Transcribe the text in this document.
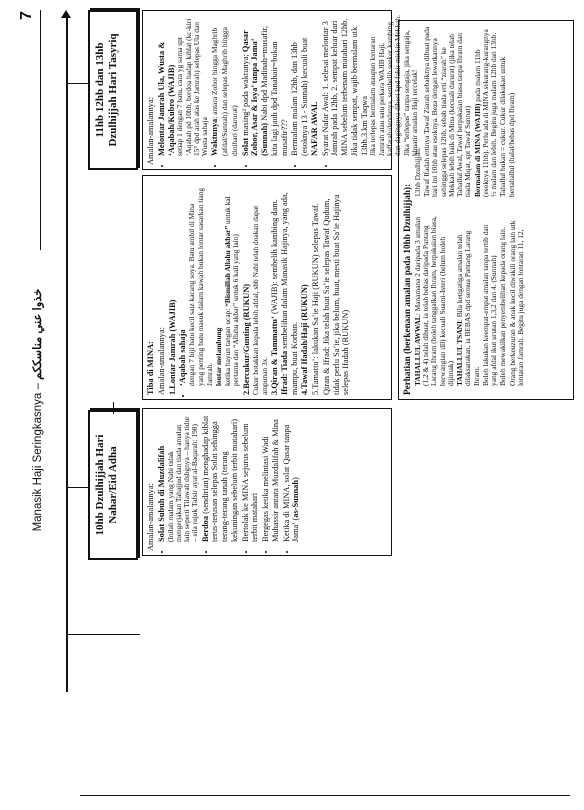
7
Manasik Haji Seringkasnya – خذوا عني مناسككم
10hb Dzulhijjah Hari Nahar/Eid Adha
11hb 12hb dan 13hb Dzulhijjah Hari Tasyriq

Amalan-amalannya: • Solat Subuh di Muzdalifah (Inilah malam yang Nabi tidak mengerjakan Tahajjud dan tiada amalan lain seperti Tilawah dsbgnya – hanya tidur – sila rujuk Tafsir ayat al-Baqarah: 198) • Berdoa (sendirian) menghadap kiblat terus-terusan selepas Solat sehingga terang-terang tanah (terang kekuningan sebelum terbit matahari) • Bertolak ke MINA sejurus sebelum terbit matahari • Bergegas ketika melintasi Wadi Muhassir antara Muzdalifah & Mina • Ketika di MINA, solat Qasar tanpa Jama’ (as-Sunnah)

Tiba di MINA: Amalan-amalannya: 1.Lontar Jamrah (WAJIB) • ‘Aqabah sahaja dengan 7 biji batu kecil saiz kacang soya. Batu ambil di Mina yang penting batu masuk dalam kawah bukan lontar sasarkan tiang Jamrah. lontar melambung ketika hayun tangan ucap: “Bismillah Allahu akbar” untuk kal pertama dan “Allahu akbar” untuk 6 kali yang lain) 2.Bercukur/Gunting (RUKUN) Cukur botakkan kepala lebih afdal, sbb Nabi telah doakan dapat ampunan 3x. 3.Qiran & Tammattu’ (WAJIB): sembelih kambing dam. Ifrad: Tiada sembelihan dalam Manasik Hajinya, yang ada, mampu, buat Korban. 4.Tawaf Ifadah/Haji (RUKUN) 5.Tamattu’: lakukan Sa’ie Haji (RUKUN) selepas Tawaf. Qiran & Ifrad: Jika telah buat Sa’ie selepas Tawaf Qudum, tidak perlu Sa’ie, jika belum, buat, mesti buat Sa’ie Hajinya selepas Ifadah (RUKUN)	Perhatian (berkenaan amalan pada 10hb Dzulhijjah): TAHALLUL AWWAL: Manamana 2 daripada 3 amalan (1,2 & 4) telah dibuat, ia telah bebas daripada Pantang Larang Ihram (boleh tanggalkan Ihram, berpakaian biasa, berwangian dll) kecuali Suami-Isteri (belum boleh dijimak) TAHALLUL TSANI: Bila ketigatiga amalan telah dilaksanakan, ia BEBAS dpd semua Pantang Larang Ihram. Boleh lakukan keempat-empat amalan tanpa tertib dan yang afdal ikut urutan 1,3,2 dan 4. (Sunnah) Boleh mewakilkan penyembelihan kepada orang lain. Orang berkeuzuran & anak kecil diwakili orang lain utk lontaran Jamrah. Begitu juga dengan lontaran 11, 12, 13hb Dzulhijjah. Tawaf Ifadah ertinya Tawaf Ziarah sebaiknya dibuat pada hari ini 10hb atau esoknya. Beza dengan lewatkannya sehingga selepas 12hb, sebab tiada erti “ziarah” ke Mekkah lebih baik di Mina (kecuali darurat) (jika telah Tahallul Awal, Tawaf berpakaian biasa tanpa Ihram dan tiada Miqat, spt Tawaf Sunnat) Bermalam di MINA (WAJIB) pada malam 11hb (esoknya 11hb). Perlu ada di MINA sekurang-kurangnya ½ malam dan lebih. Begitu juga malam 12hb dan 13hb. Tahallul bukan = cukur. Cukur dilakukan untuk bertahallul (halal/bebas dpd Ihram)

Amalan-amalannya: • Melontar Jamrah Ula, Wusta & ‘Aqabah/Kubro (WAJIB) setiap 1 dengan 7 batu, cara yg sama spt ‘Aqabah pd 10hb, berdoa hadap kiblat (kc-kiri 15° dpd arah atas ke Jamrah) selepas Ula dan Wusta sahaja • Waktunya: antara Zohor hingga Maghrib (afdal/Sunnah) dan selepas Maghrib hingga dinihari (darurat) • Solat masing² pada waktunya; Qasar Zohor, Asar & Isya’ tanpa Jama’ (Sunnah) Nabi dpd Madinah=musafir, kita lagi jauh dpd Tanahair=bukan musafir??? • Bermalam malam 12hb, dan 13hb (esoknya 13 - Sunnah) kecuali buat NAFAR AWAL • Syarat Nafar Awal: 1. selesai melontar 3 Jamrah pada 12hb, 2. sempat keluar dari MINA sebelum terbenam matahari 12hb. Jika tidak sempat, wajib bermalam utk 13hb.3.km Taqwa Jika terlepas bermalam ataupun lontaran Jamrah atau satu perkara WAJIB Haji, kaffarah/dendanya, sembelih seekor kambing dan dagingnya diberi kpd fakir miskin Mekkah. Jika “terlepas” tanpa sengaja, jika sengaja, khuatir amalan Haji tercelak!
